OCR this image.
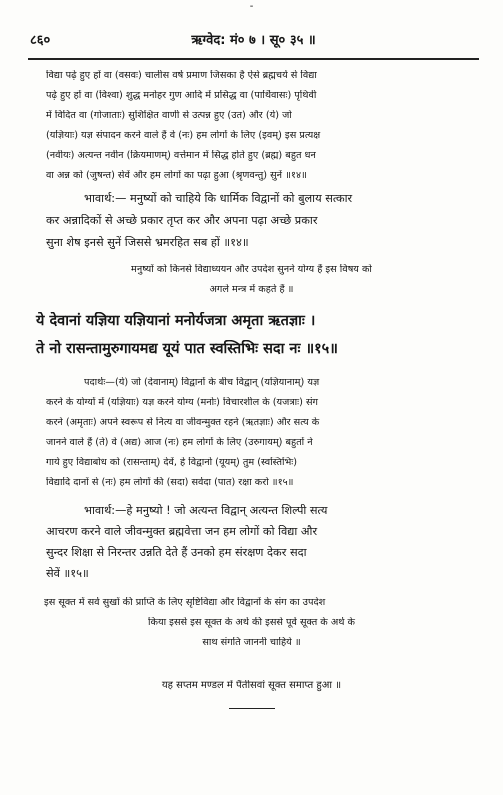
-
८६०	ऋग्वेद: मं० ७ । सू० ३५ ॥
विद्या पढ़े हुए हों वा (वसवः) चालीस वर्ष प्रमाण जिसका है ऐसे ब्रह्मचर्य से विद्या
पढ़े हुए हों वा (विश्वा) शुद्ध मनोहर गुण आदि में प्रसिद्ध वा (पार्थिवासः) पृथिवी
में विदित वा (गोजाताः) सुशिक्षित वाणी से उत्पन्न हुए (उत) और (ये) जो
(यज्ञियाः) यज्ञ संपादन करने वाले हैं वे (नः) हम लोगों के लिए (इवम्) इस प्रत्यक्ष
(नवीयः) अत्यन्त नवीन (क्रियमाणम्) वर्त्तमान में सिद्ध होते हुए (ब्रह्म) बहुत धन
वा अन्न को (जुषन्त) सेवें और हम लोगों का पढ़ा हुआ (श्रृणवन्तु) सुनें ॥१४॥
भावार्थ:— मनुष्यों को चाहिये कि धार्मिक विद्वानों को बुलाय सत्कार
कर अन्नादिकों से अच्छे प्रकार तृप्त कर और अपना पढ़ा अच्छे प्रकार
सुना शेष इनसे सुनें जिससे भ्रमरहित सब हों ॥१४॥
मनुष्यों को किनसे विद्याध्ययन और उपदेश सुनने योग्य हैं इस विषय को
अगले मन्त्र में कहते हैं ॥
ये देवानां यज्ञिया यज्ञियानां मनोर्यजत्रा अमृता ऋतज्ञाः ।
ते नो रासन्तामुरुगायमद्य यूयं पात स्वस्तिभिः सदा नः ॥१५॥
पदार्थः—(ये) जो (देवानाम्) विद्वानों के बीच विद्वान् (यज्ञियानाम्) यज्ञ
करने के योग्यों में (यज्ञियाः) यज्ञ करने योग्य (मनोः) विचारशील के (यजत्राः) संग
करने (अमृताः) अपने स्वरूप से नित्य वा जीवन्मुक्त रहने (ऋतज्ञाः) और सत्य के
जानने वाले हैं (ते) वे (अद्य) आज (नः) हम लोगों के लिए (उरुगायम्) बहुतों ने
गाये हुए विद्याबोध को (रासन्ताम्) देवें, हे विद्वानो (यूयम्) तुम (स्वस्तिभिः)
विद्यादि दानों से (नः) हम लोगों की (सदा) सर्वदा (पात) रक्षा करो ॥१५॥
भावार्थ:—हे मनुष्यो ! जो अत्यन्त विद्वान् अत्यन्त शिल्पी सत्य
आचरण करने वाले जीवन्मुक्त ब्रह्मवेत्ता जन हम लोगों को विद्या और
सुन्दर शिक्षा से निरन्तर उन्नति देते हैं उनको हम संरक्षण देकर सदा
सेवें ॥१५॥
इस सूक्त में सर्व सुखों की प्राप्ति के लिए सृष्टिविद्या और विद्वानों के संग का उपदेश
किया इससे इस सूक्त के अर्थ की इससे पूर्व सूक्त के अर्थ के
साथ संगति जाननी चाहिये ॥
यह सप्तम मण्डल में पैंतीसवां सूक्त समाप्त हुआ ॥
